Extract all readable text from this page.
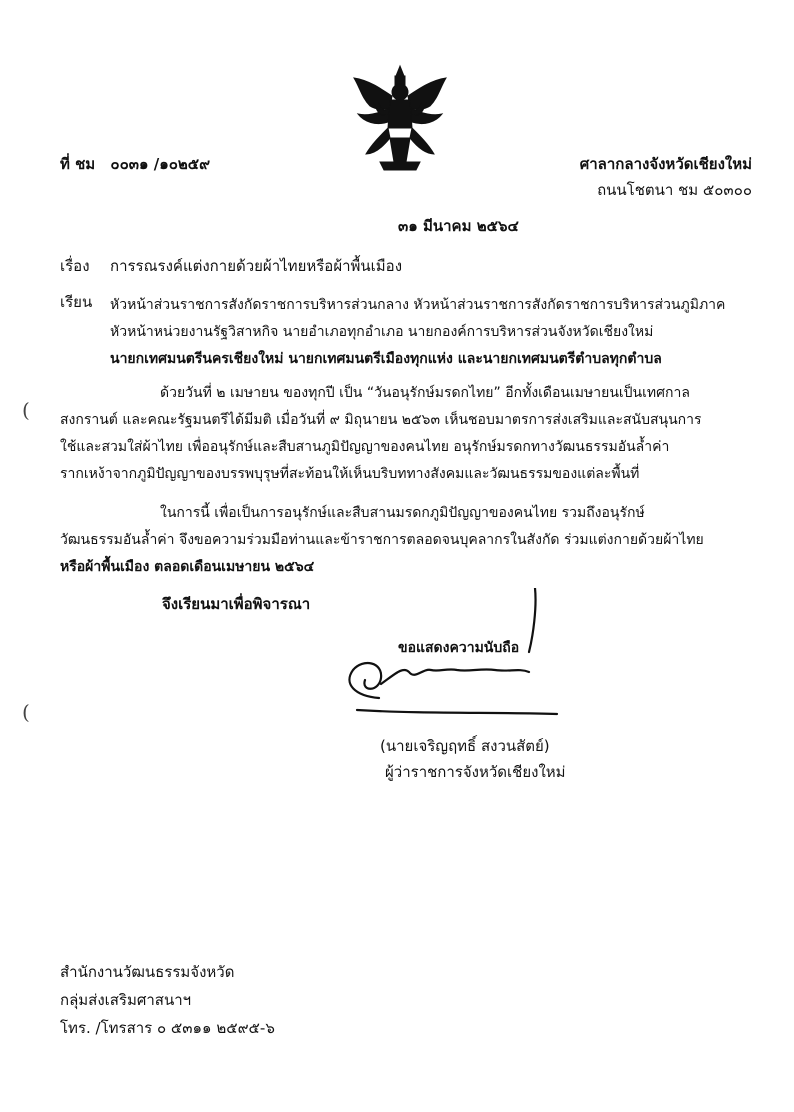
ที่ ชม ๐๐๓๑ /๑๐๒๕๙	ศาลากลางจังหวัดเชียงใหม่
ถนนโชตนา ชม ๕๐๓๐๐
๓๑ มีนาคม ๒๕๖๔
เรื่อง การรณรงค์แต่งกายด้วยผ้าไทยหรือผ้าพื้นเมือง
เรียน หัวหน้าส่วนราชการสังกัดราชการบริหารส่วนกลาง หัวหน้าส่วนราชการสังกัดราชการบริหารส่วนภูมิภาค
หัวหน้าหน่วยงานรัฐวิสาหกิจ นายอำเภอทุกอำเภอ นายกองค์การบริหารส่วนจังหวัดเชียงใหม่
นายกเทศมนตรีนครเชียงใหม่ นายกเทศมนตรีเมืองทุกแห่ง และนายกเทศมนตรีตำบลทุกตำบล
ด้วยวันที่ ๒ เมษายน ของทุกปี เป็น “วันอนุรักษ์มรดกไทย” อีกทั้งเดือนเมษายนเป็นเทศกาล
สงกรานต์ และคณะรัฐมนตรีได้มีมติ เมื่อวันที่ ๙ มิถุนายน ๒๕๖๓ เห็นชอบมาตรการส่งเสริมและสนับสนุนการ
ใช้และสวมใส่ผ้าไทย เพื่ออนุรักษ์และสืบสานภูมิปัญญาของคนไทย อนุรักษ์มรดกทางวัฒนธรรมอันล้ำค่า
รากเหง้าจากภูมิปัญญาของบรรพบุรุษที่สะท้อนให้เห็นบริบททางสังคมและวัฒนธรรมของแต่ละพื้นที่
ในการนี้ เพื่อเป็นการอนุรักษ์และสืบสานมรดกภูมิปัญญาของคนไทย รวมถึงอนุรักษ์
วัฒนธรรมอันล้ำค่า จึงขอความร่วมมือท่านและข้าราชการตลอดจนบุคลากรในสังกัด ร่วมแต่งกายด้วยผ้าไทย
หรือผ้าพื้นเมือง ตลอดเดือนเมษายน ๒๕๖๔
จึงเรียนมาเพื่อพิจารณา
ขอแสดงความนับถือ
(นายเจริญฤทธิ์ สงวนสัตย์)
ผู้ว่าราชการจังหวัดเชียงใหม่
สำนักงานวัฒนธรรมจังหวัด
กลุ่มส่งเสริมศาสนาฯ
โทร. /โทรสาร ๐ ๕๓๑๑ ๒๕๙๕-๖
(
(
